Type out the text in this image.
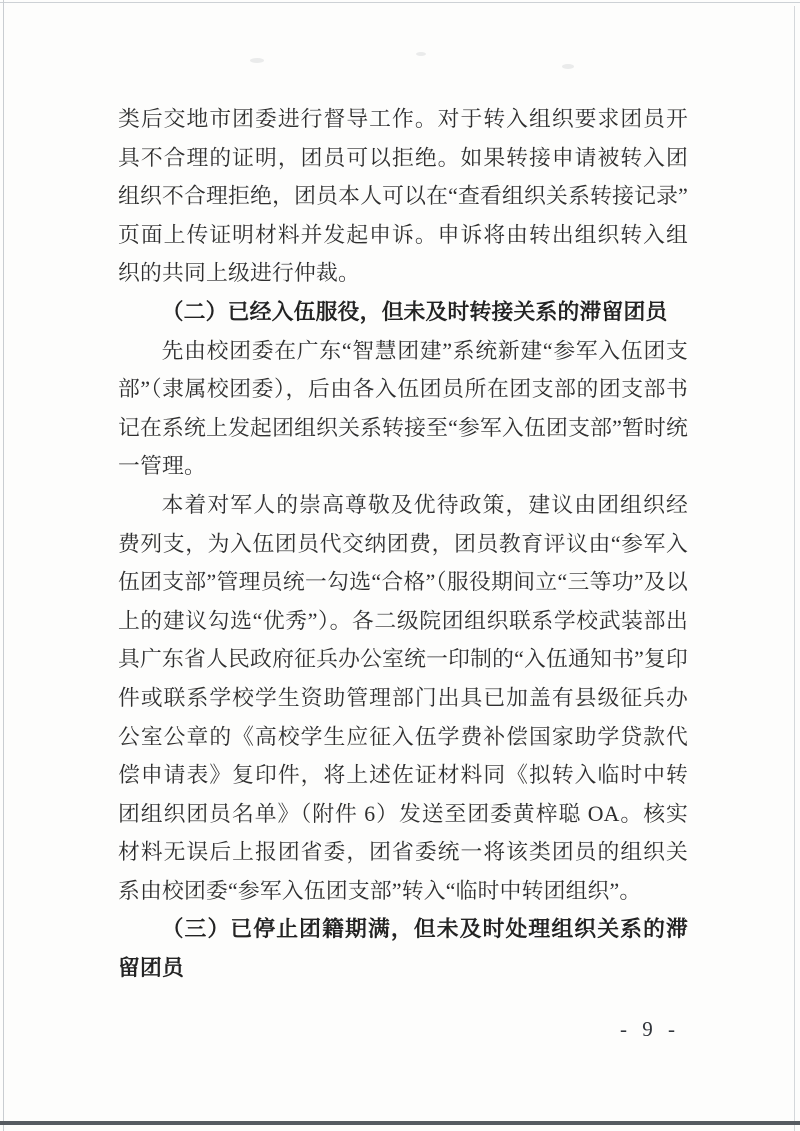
类后交地市团委进行督导工作。对于转入组织要求团员开具不合理的证明，团员可以拒绝。如果转接申请被转入团组织不合理拒绝，团员本人可以在“查看组织关系转接记录”页面上传证明材料并发起申诉。申诉将由转出组织转入组织的共同上级进行仲裁。

（二）已经入伍服役，但未及时转接关系的滞留团员

先由校团委在广东“智慧团建”系统新建“参军入伍团支部”（隶属校团委），后由各入伍团员所在团支部的团支部书记在系统上发起团组织关系转接至“参军入伍团支部”暂时统一管理。

本着对军人的崇高尊敬及优待政策，建议由团组织经费列支，为入伍团员代交纳团费，团员教育评议由“参军入伍团支部”管理员统一勾选“合格”（服役期间立“三等功”及以上的建议勾选“优秀”）。各二级院团组织联系学校武装部出具广东省人民政府征兵办公室统一印制的“入伍通知书”复印件或联系学校学生资助管理部门出具已加盖有县级征兵办公室公章的《高校学生应征入伍学费补偿国家助学贷款代偿申请表》复印件，将上述佐证材料同《拟转入临时中转团组织团员名单》（附件 6）发送至团委黄梓聪 OA。核实材料无误后上报团省委，团省委统一将该类团员的组织关系由校团委“参军入伍团支部”转入“临时中转团组织”。

（三）已停止团籍期满，但未及时处理组织关系的滞留团员

- 9 -
